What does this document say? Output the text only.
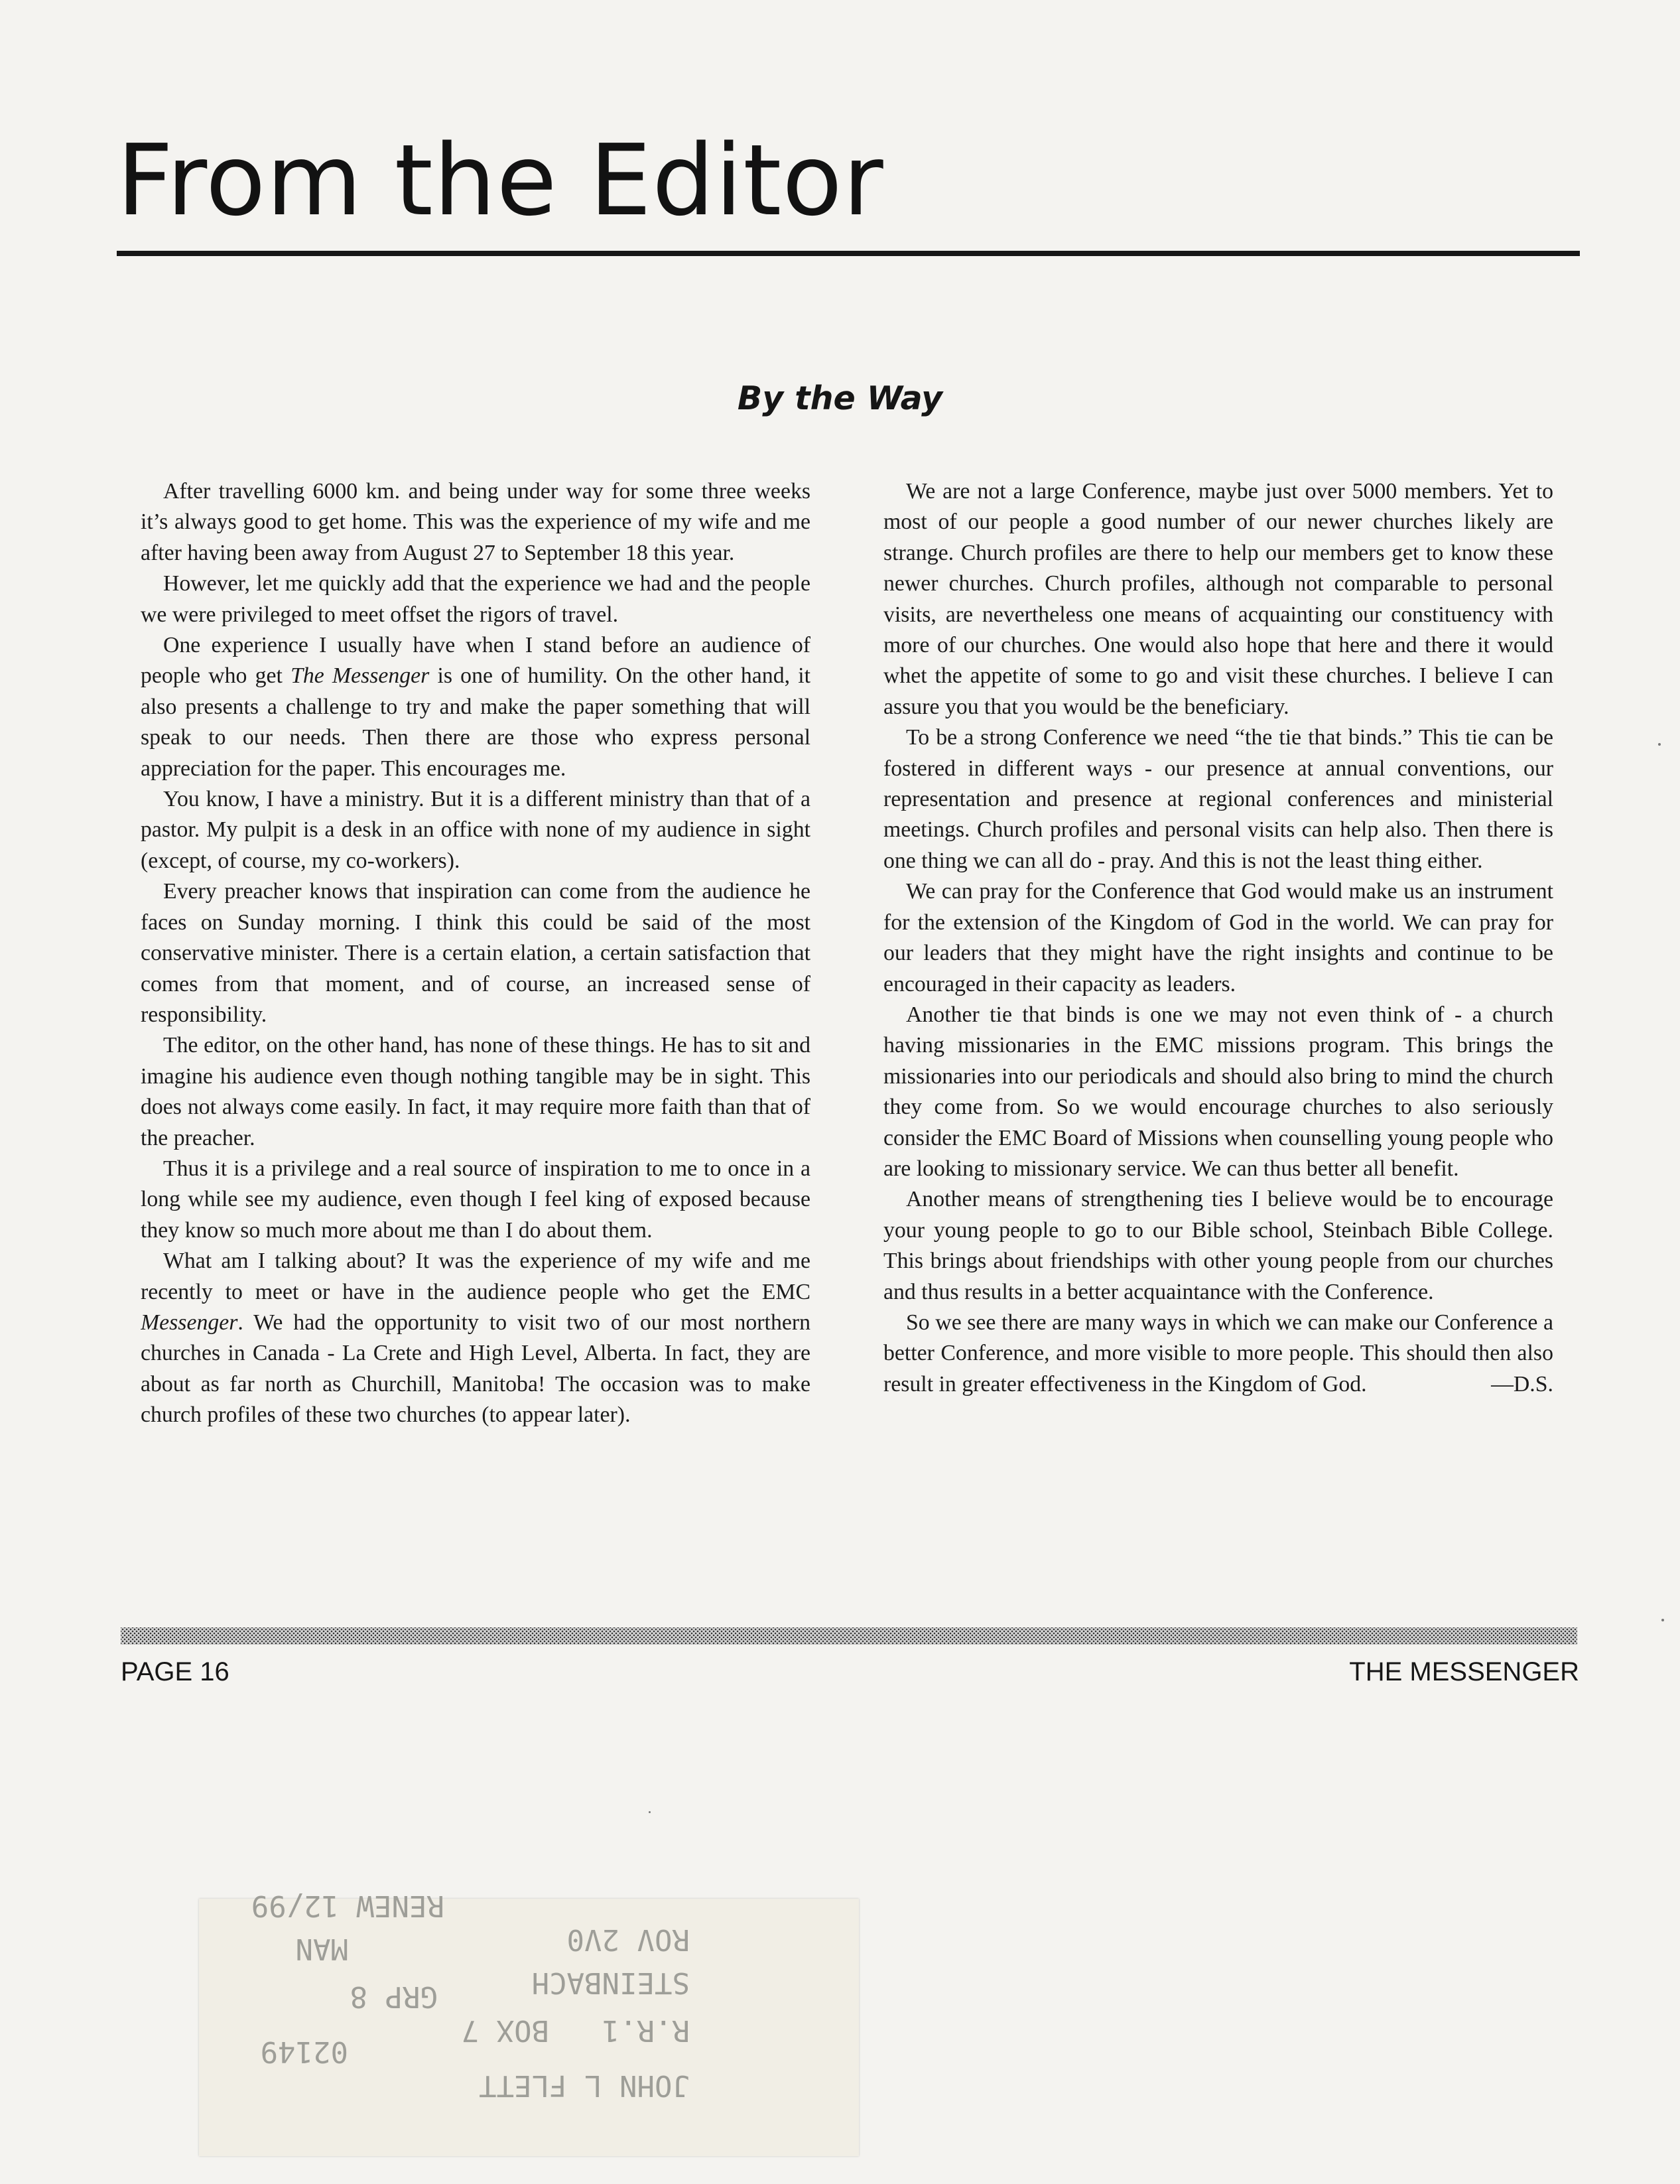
From the Editor
By the Way

After travelling 6000 km. and being under way for some three weeks it’s always good to get home. This was the experience of my wife and me after having been away from August 27 to September 18 this year.

However, let me quickly add that the experience we had and the people we were privileged to meet offset the rigors of travel.

One experience I usually have when I stand before an audience of people who get The Messenger is one of humility. On the other hand, it also presents a challenge to try and make the paper something that will speak to our needs. Then there are those who express personal appreciation for the paper. This encourages me.

You know, I have a ministry. But it is a different ministry than that of a pastor. My pulpit is a desk in an office with none of my audience in sight (except, of course, my co-workers).

Every preacher knows that inspiration can come from the audience he faces on Sunday morning. I think this could be said of the most conservative minister. There is a certain elation, a certain satisfaction that comes from that moment, and of course, an increased sense of responsibility.

The editor, on the other hand, has none of these things. He has to sit and imagine his audience even though nothing tangible may be in sight. This does not always come easily. In fact, it may require more faith than that of the preacher.

Thus it is a privilege and a real source of inspiration to me to once in a long while see my audience, even though I feel king of exposed because they know so much more about me than I do about them.

What am I talking about? It was the experience of my wife and me recently to meet or have in the audience people who get the EMC Messenger. We had the opportunity to visit two of our most northern churches in Canada - La Crete and High Level, Alberta. In fact, they are about as far north as Churchill, Manitoba! The occasion was to make church profiles of these two churches (to appear later).

We are not a large Conference, maybe just over 5000 members. Yet to most of our people a good number of our newer churches likely are strange. Church profiles are there to help our members get to know these newer churches. Church profiles, although not comparable to personal visits, are nevertheless one means of acquainting our constituency with more of our churches. One would also hope that here and there it would whet the appetite of some to go and visit these churches. I believe I can assure you that you would be the beneficiary.

To be a strong Conference we need “the tie that binds.” This tie can be fostered in different ways - our presence at annual conventions, our representation and presence at regional conferences and ministerial meetings. Church profiles and personal visits can help also. Then there is one thing we can all do - pray. And this is not the least thing either.

We can pray for the Conference that God would make us an instrument for the extension of the Kingdom of God in the world. We can pray for our leaders that they might have the right insights and continue to be encouraged in their capacity as leaders.

Another tie that binds is one we may not even think of - a church having missionaries in the EMC missions program. This brings the missionaries into our periodicals and should also bring to mind the church they come from. So we would encourage churches to also seriously consider the EMC Board of Missions when counselling young people who are looking to missionary service. We can thus better all benefit.

Another means of strengthening ties I believe would be to encourage your young people to go to our Bible school, Steinbach Bible College. This brings about friendships with other young people from our churches and thus results in a better acquaintance with the Conference.

So we see there are many ways in which we can make our Conference a better Conference, and more visible to more people. This should then also result in greater effectiveness in the Kingdom of God.	—D.S.

PAGE 16	THE MESSENGER

JOHN L FLETT

02149

R.R.1   BOX 7

GRP 8

	STEINBACH

MAN

	ROV 2V0

RENEW 12/99
